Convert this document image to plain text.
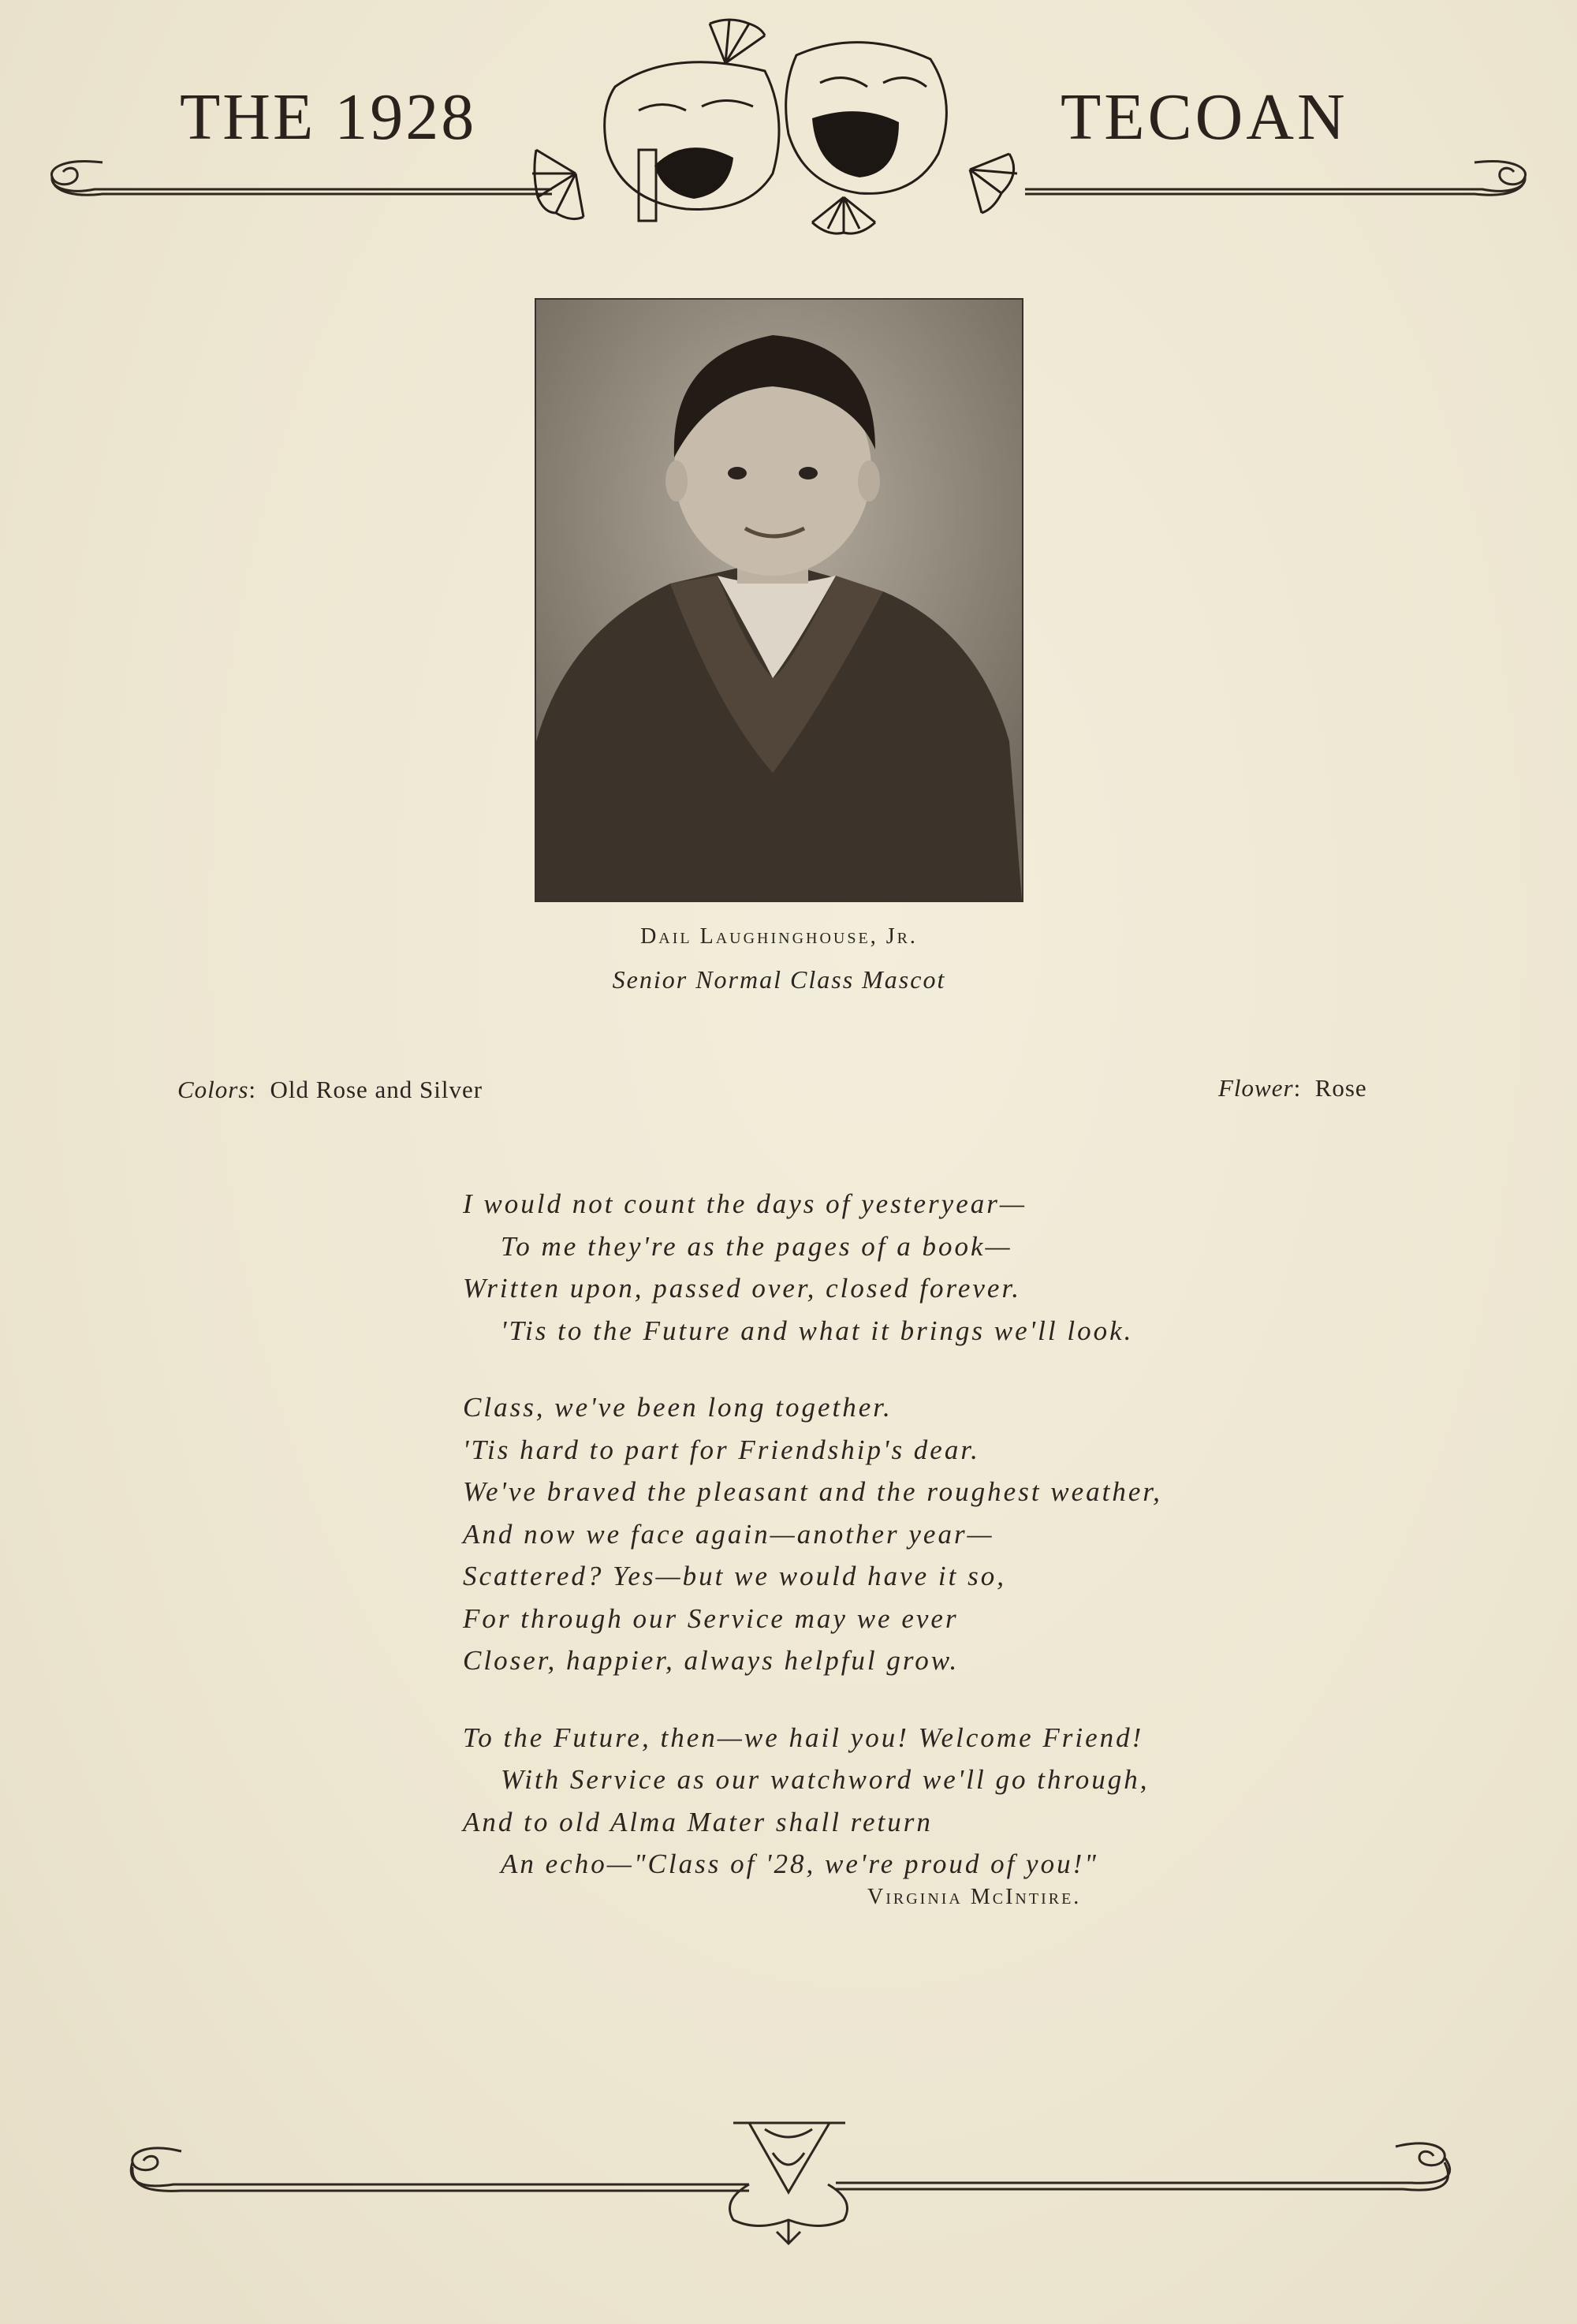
THE 1928	TECOAN
Dail Laughinghouse, Jr.
Senior Normal Class Mascot
Colors:  Old Rose and Silver	Flower:  Rose
I would not count the days of yesteryear—
To me they're as the pages of a book—
Written upon, passed over, closed forever.
'Tis to the Future and what it brings we'll look.
Class, we've been long together.
'Tis hard to part for Friendship's dear.
We've braved the pleasant and the roughest weather,
And now we face again—another year—
Scattered? Yes—but we would have it so,
For through our Service may we ever
Closer, happier, always helpful grow.
To the Future, then—we hail you! Welcome Friend!
With Service as our watchword we'll go through,
And to old Alma Mater shall return
An echo—"Class of '28, we're proud of you!"
Virginia McIntire.
